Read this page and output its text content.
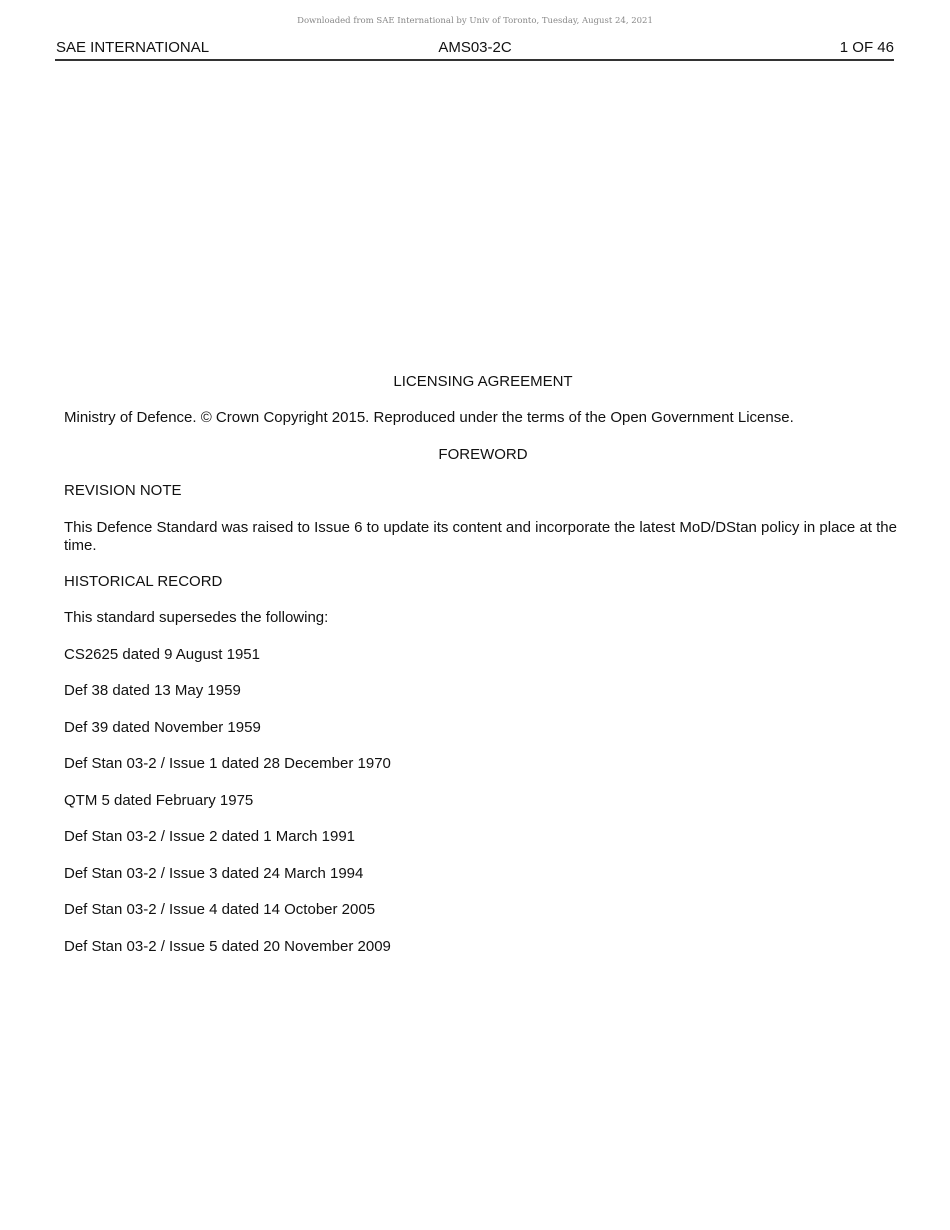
Downloaded from SAE International by Univ of Toronto, Tuesday, August 24, 2021
AMS03-2C
SAE INTERNATIONAL	1 OF 46
LICENSING AGREEMENT
Ministry of Defence. © Crown Copyright 2015. Reproduced under the terms of the Open Government License.
FOREWORD
REVISION NOTE
This Defence Standard was raised to Issue 6 to update its content and incorporate the latest MoD/DStan policy in place at the time.
HISTORICAL RECORD
This standard supersedes the following:
CS2625 dated 9 August 1951
Def 38 dated 13 May 1959
Def 39 dated November 1959
Def Stan 03-2 / Issue 1 dated 28 December 1970
QTM 5 dated February 1975
Def Stan 03-2 / Issue 2 dated 1 March 1991
Def Stan 03-2 / Issue 3 dated 24 March 1994
Def Stan 03-2 / Issue 4 dated 14 October 2005
Def Stan 03-2 / Issue 5 dated 20 November 2009
